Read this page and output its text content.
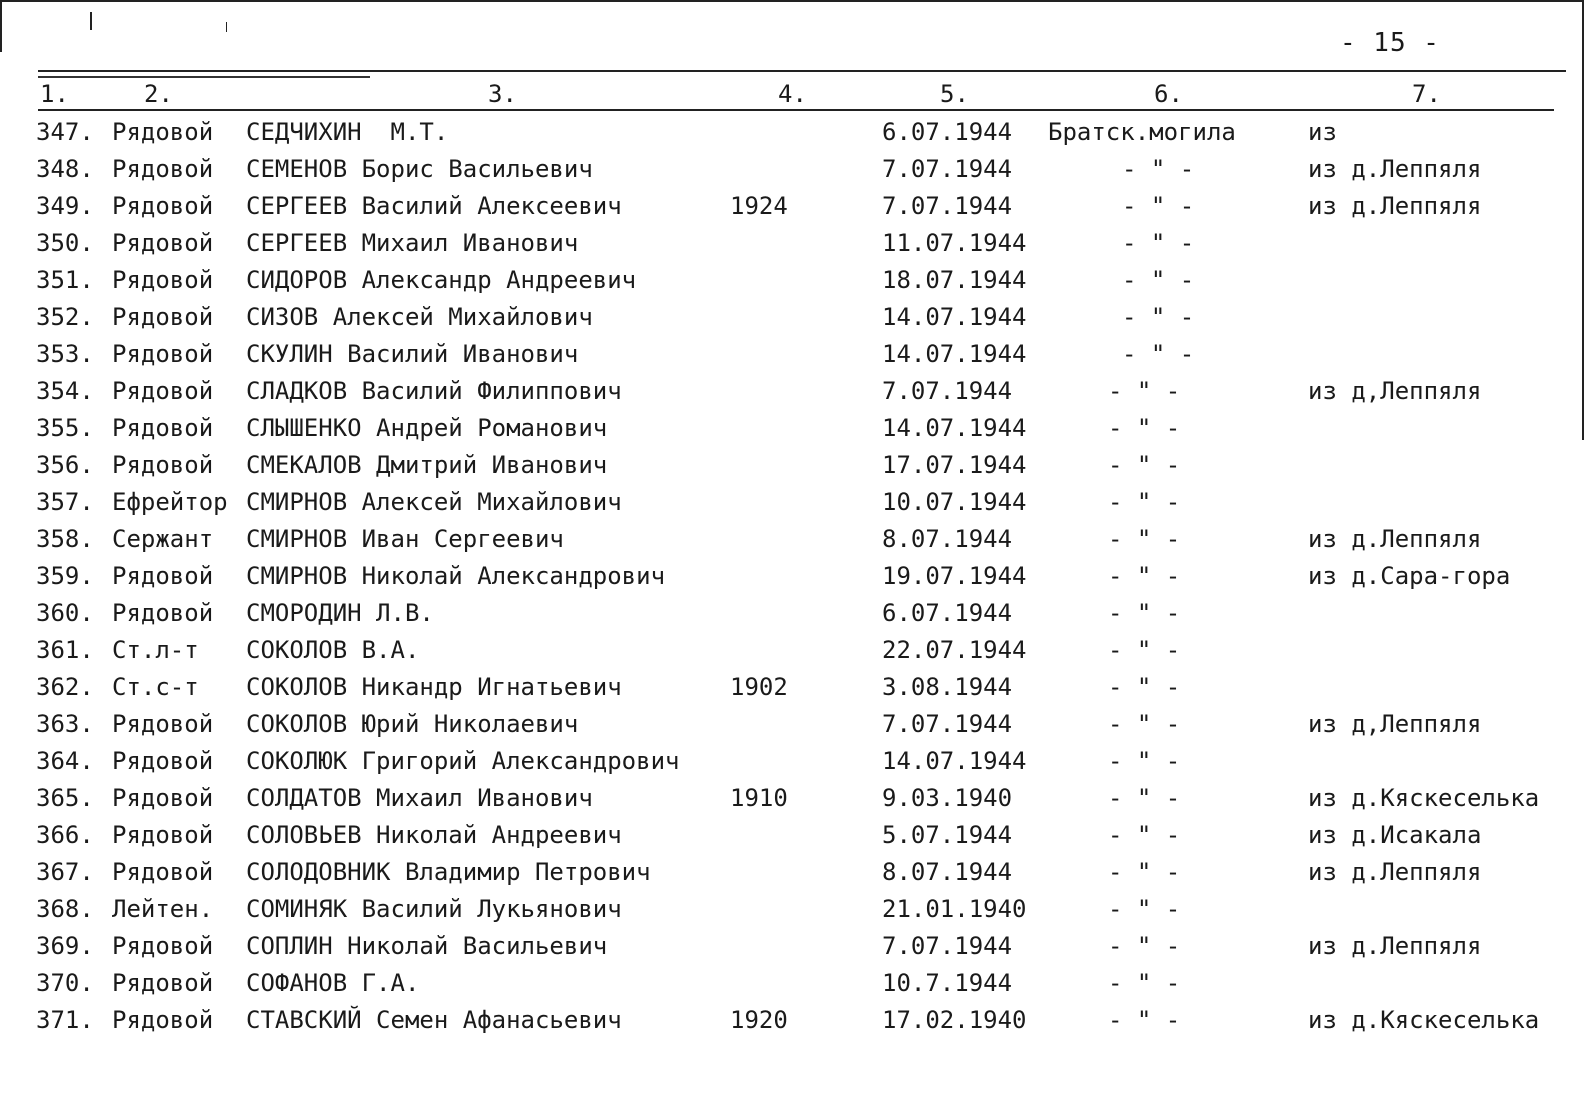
- 15 -
1.	2.	3.	4.	5.	6.	7.
347. Рядовой СЕДЧИХИН  М.Т.	6.07.1944 Братск.могила	из
348. Рядовой СЕМЕНОВ Борис Васильевич	7.07.1944	- " -	из д.Леппяля
349. Рядовой СЕРГЕЕВ Василий Алексеевич	1924	7.07.1944	- " -	из д.Леппяля
350. Рядовой СЕРГЕЕВ Михаил Иванович	11.07.1944	- " -
351. Рядовой СИДОРОВ Александр Андреевич	18.07.1944	- " -
352. Рядовой СИЗОВ Алексей Михайлович	14.07.1944	- " -
353. Рядовой СКУЛИН Василий Иванович	14.07.1944	- " -
354. Рядовой СЛАДКОВ Василий Филиппович	7.07.1944	- " -	из д,Леппяля
355. Рядовой СЛЫШЕНКО Андрей Романович	14.07.1944	- " -
356. Рядовой СМЕКАЛОВ Дмитрий Иванович	17.07.1944	- " -
357. Ефрейтор СМИРНОВ Алексей Михайлович	10.07.1944	- " -
358. Сержант СМИРНОВ Иван Сергеевич	8.07.1944	- " -	из д.Леппяля
359. Рядовой СМИРНОВ Николай Александрович	19.07.1944	- " -	из д.Сара-гора
360. Рядовой СМОРОДИН Л.В.	6.07.1944	- " -
361. Ст.л-т СОКОЛОВ В.А.	22.07.1944	- " -
362. Ст.с-т СОКОЛОВ Никандр Игнатьевич	1902	3.08.1944	- " -
363. Рядовой СОКОЛОВ Юрий Николаевич	7.07.1944	- " -	из д,Леппяля
364. Рядовой СОКОЛЮК Григорий Александрович	14.07.1944	- " -
365. Рядовой СОЛДАТОВ Михаил Иванович	1910	9.03.1940	- " -	из д.Кяскеселька
366. Рядовой СОЛОВЬЕВ Николай Андреевич	5.07.1944	- " -	из д.Исакала
367. Рядовой СОЛОДОВНИК Владимир Петрович	8.07.1944	- " -	из д.Леппяля
368. Лейтен. СОМИНЯК Василий Лукьянович	21.01.1940	- " -
369. Рядовой СОПЛИН Николай Васильевич	7.07.1944	- " -	из д.Леппяля
370. Рядовой СОФАНОВ Г.А.	10.7.1944	- " -
371. Рядовой СТАВСКИЙ Семен Афанасьевич	1920	17.02.1940	- " -	из д.Кяскеселька
